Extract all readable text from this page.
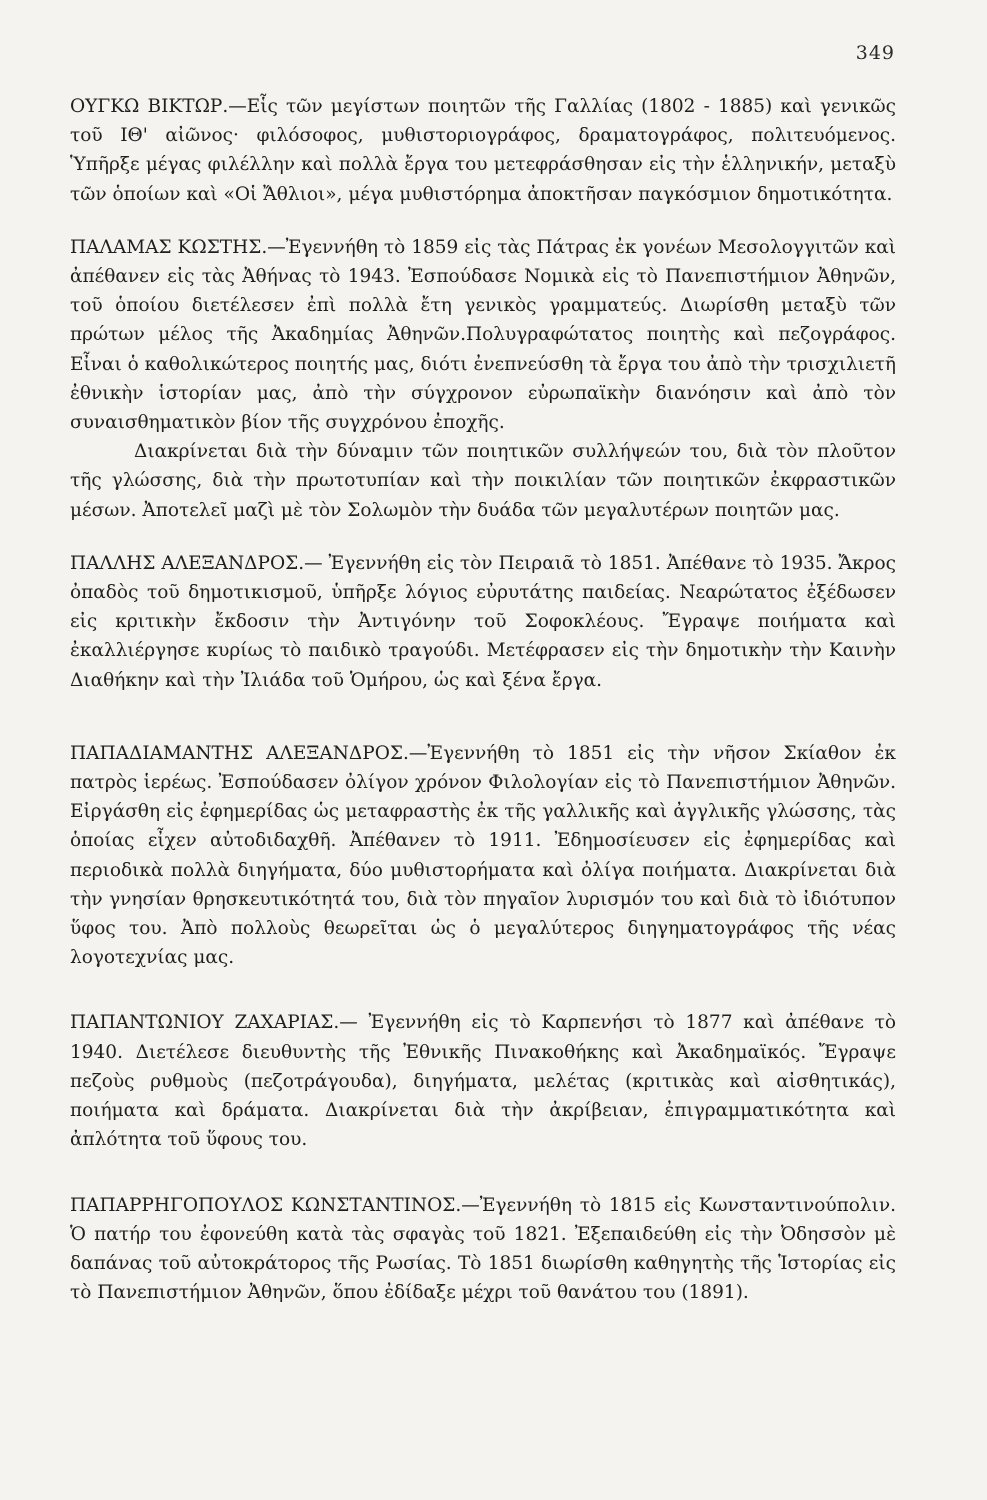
349

ΟΥΓΚΩ ΒΙΚΤΩΡ.—Εἷς τῶν μεγίστων ποιητῶν τῆς Γαλλίας (1802 - 1885) καὶ γενικῶς τοῦ ΙΘ' αἰῶνος· φιλόσοφος, μυθιστοριογράφος, δραματογράφος, πολιτευόμενος. Ὑπῆρξε μέγας φιλέλλην καὶ πολλὰ ἔργα του μετεφράσθησαν εἰς τὴν ἑλληνικήν, μεταξὺ τῶν ὁποίων καὶ «Οἱ Ἄθλιοι», μέγα μυθιστόρημα ἀποκτῆσαν παγκόσμιον δημοτικότητα.

ΠΑΛΑΜΑΣ ΚΩΣΤΗΣ.—Ἐγεννήθη τὸ 1859 εἰς τὰς Πάτρας ἐκ γονέων Μεσολογγιτῶν καὶ ἀπέθανεν εἰς τὰς Ἀθήνας τὸ 1943. Ἐσπούδασε Νομικὰ εἰς τὸ Πανεπιστήμιον Ἀθηνῶν, τοῦ ὁποίου διετέλεσεν ἐπὶ πολλὰ ἔτη γενικὸς γραμματεύς. Διωρίσθη μεταξὺ τῶν πρώτων μέλος τῆς Ἀκαδημίας Ἀθηνῶν.Πολυγραφώτατος ποιητὴς καὶ πεζογράφος. Εἶναι ὁ καθολικώτερος ποιητής μας, διότι ἐνεπνεύσθη τὰ ἔργα του ἀπὸ τὴν τρισχιλιετῆ ἐθνικὴν ἱστορίαν μας, ἀπὸ τὴν σύγχρονον εὐρωπαϊκὴν διανόησιν καὶ ἀπὸ τὸν συναισθηματικὸν βίον τῆς συγχρόνου ἐποχῆς.

Διακρίνεται διὰ τὴν δύναμιν τῶν ποιητικῶν συλλήψεών του, διὰ τὸν πλοῦτον τῆς γλώσσης, διὰ τὴν πρωτοτυπίαν καὶ τὴν ποικιλίαν τῶν ποιητικῶν ἐκφραστικῶν μέσων. Ἀποτελεῖ μαζὶ μὲ τὸν Σολωμὸν τὴν δυάδα τῶν μεγαλυτέρων ποιητῶν μας.

ΠΑΛΛΗΣ ΑΛΕΞΑΝΔΡΟΣ.— Ἐγεννήθη εἰς τὸν Πειραιᾶ τὸ 1851. Ἀπέθανε τὸ 1935. Ἄκρος ὀπαδὸς τοῦ δημοτικισμοῦ, ὑπῆρξε λόγιος εὐρυτάτης παιδείας. Νεαρώτατος ἐξέδωσεν εἰς κριτικὴν ἔκδοσιν τὴν Ἀντιγόνην τοῦ Σοφοκλέους. Ἔγραψε ποιήματα καὶ ἐκαλλιέργησε κυρίως τὸ παιδικὸ τραγούδι. Μετέφρασεν εἰς τὴν δημοτικὴν τὴν Καινὴν Διαθήκην καὶ τὴν Ἰλιάδα τοῦ Ὁμήρου, ὡς καὶ ξένα ἔργα.

ΠΑΠΑΔΙΑΜΑΝΤΗΣ ΑΛΕΞΑΝΔΡΟΣ.—Ἐγεννήθη τὸ 1851 εἰς τὴν νῆσον Σκίαθον ἐκ πατρὸς ἱερέως. Ἐσπούδασεν ὀλίγον χρόνον Φιλολογίαν εἰς τὸ Πανεπιστήμιον Ἀθηνῶν. Εἰργάσθη εἰς ἐφημερίδας ὡς μεταφραστὴς ἐκ τῆς γαλλικῆς καὶ ἀγγλικῆς γλώσσης, τὰς ὁποίας εἶχεν αὐτοδιδαχθῆ. Ἀπέθανεν τὸ 1911. Ἐδημοσίευσεν εἰς ἐφημερίδας καὶ περιοδικὰ πολλὰ διηγήματα, δύο μυθιστορήματα καὶ ὀλίγα ποιήματα. Διακρίνεται διὰ τὴν γνησίαν θρησκευτικότητά του, διὰ τὸν πηγαῖον λυρισμόν του καὶ διὰ τὸ ἰδιότυπον ὕφος του. Ἀπὸ πολλοὺς θεωρεῖται ὡς ὁ μεγαλύτερος διηγηματογράφος τῆς νέας λογοτεχνίας μας.

ΠΑΠΑΝΤΩΝΙΟΥ ΖΑΧΑΡΙΑΣ.— Ἐγεννήθη εἰς τὸ Καρπενήσι τὸ 1877 καὶ ἀπέθανε τὸ 1940. Διετέλεσε διευθυντὴς τῆς Ἐθνικῆς Πινακοθήκης καὶ Ἀκαδημαϊκός. Ἔγραψε πεζοὺς ρυθμοὺς (πεζοτράγουδα), διηγήματα, μελέτας (κριτικὰς καὶ αἰσθητικάς), ποιήματα καὶ δράματα. Διακρίνεται διὰ τὴν ἀκρίβειαν, ἐπιγραμματικότητα καὶ ἀπλότητα τοῦ ὕφους του.

ΠΑΠΑΡΡΗΓΟΠΟΥΛΟΣ ΚΩΝΣΤΑΝΤΙΝΟΣ.—Ἐγεννήθη τὸ 1815 εἰς Κωνσταντινούπολιν. Ὁ πατήρ του ἐφονεύθη κατὰ τὰς σφαγὰς τοῦ 1821. Ἐξεπαιδεύθη εἰς τὴν Ὀδησσὸν μὲ δαπάνας τοῦ αὐτοκράτορος τῆς Ρωσίας. Τὸ 1851 διωρίσθη καθηγητὴς τῆς Ἱστορίας εἰς τὸ Πανεπιστήμιον Ἀθηνῶν, ὅπου ἐδίδαξε μέχρι τοῦ θανάτου του (1891).
